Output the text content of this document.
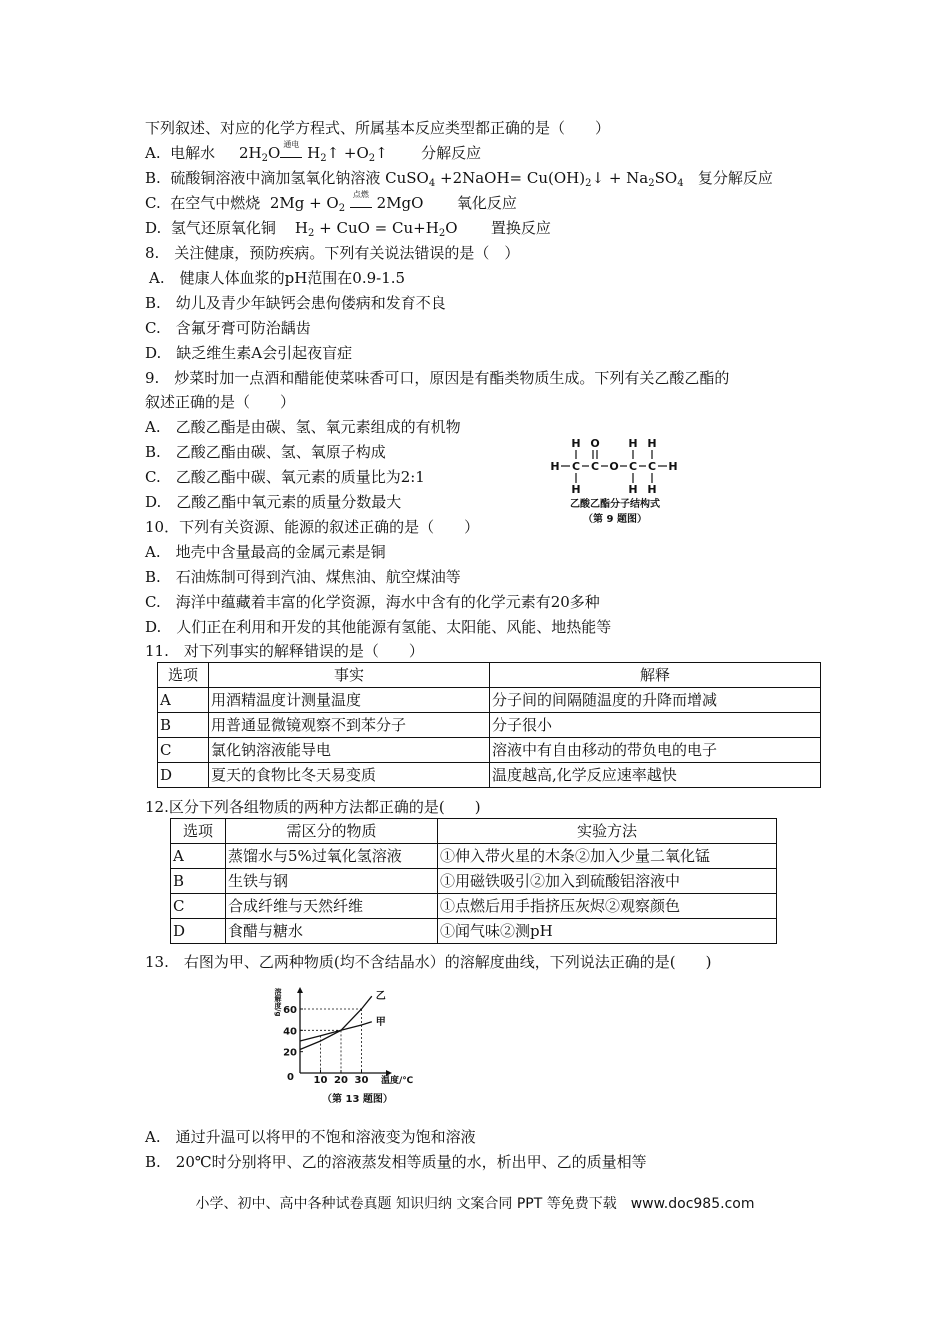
下列叙述、对应的化学方程式、所属基本反应类型都正确的是（　　）
A. 电解水 $2H_2O$ 通电 $H_2↑$ $+O_2↑$ 分解反应
B. 硫酸铜溶液中滴加氢氧化钠溶液 CuSO$_4$ +2NaOH= $Cu(OH)_2↓ + Na_2SO_4$ 复分解反应
C. 在空气中燃烧 $2Mg + O_2$
点燃 2MgO 氧化反应
D. 氢气还原氧化铜 $H_2$ + CuO = $Cu+H_2O$ 置换反应
8.　关注健康，预防疾病。下列有关说法错误的是（　）
A.　健康人体血浆的pH范围在0.9-1.5
B.　幼儿及青少年缺钙会患佝偻病和发育不良
C.　含氟牙膏可防治龋齿
D.　缺乏维生素A会引起夜盲症
9.　炒菜时加一点酒和醋能使菜味香可口，原因是有酯类物质生成。下列有关乙酸乙酯的
叙述正确的是（　　）
A.　乙酸乙酯是由碳、氢、氧元素组成的有机物
B.　乙酸乙酯由碳、氢、氧原子构成
C.　乙酸乙酯中碳、氧元素的质量比为2:1
D.　乙酸乙酯中氧元素的质量分数最大
H O	H H
H C C O C C H
H	H H
乙酸乙酯分子结构式
（第 9 题图）
10．下列有关资源、能源的叙述正确的是（　　）
A.　地壳中含量最高的金属元素是铜
B.　石油炼制可得到汽油、煤焦油、航空煤油等
C.　海洋中蕴藏着丰富的化学资源，海水中含有的化学元素有20多种
D.　人们正在利用和开发的其他能源有氢能、太阳能、风能、地热能等
11.　对下列事实的解释错误的是（　　）
选项	事实	解释
A	用酒精温度计测量温度	分子间的间隔随温度的升降而增减
B	用普通显微镜观察不到苯分子	分子很小
C	氯化钠溶液能导电	溶液中有自由移动的带负电的电子
D	夏天的食物比冬天易变质	温度越高,化学反应速率越快
12.区分下列各组物质的两种方法都正确的是(　　)
选项	需区分的物质	实验方法
A	蒸馏水与5%过氧化氢溶液	①伸入带火星的木条②加入少量二氧化锰
B	生铁与钢	①用磁铁吸引②加入到硫酸铝溶液中
C	合成纤维与天然纤维	①点燃后用手指挤压灰烬②观察颜色
D	食醋与糖水	①闻气味②测pH
13.　右图为甲、乙两种物质(均不含结晶水）的溶解度曲线，下列说法正确的是(　　)
溶解度/g
温度/℃
0
（第 13 题图）
10 20 30
20
40
60
乙
甲
A.　通过升温可以将甲的不饱和溶液变为饱和溶液
B.　20℃时分别将甲、乙的溶液蒸发相等质量的水，析出甲、乙的质量相等
小学、初中、高中各种试卷真题 知识归纳 文案合同 PPT 等免费下载　www.doc985.com
